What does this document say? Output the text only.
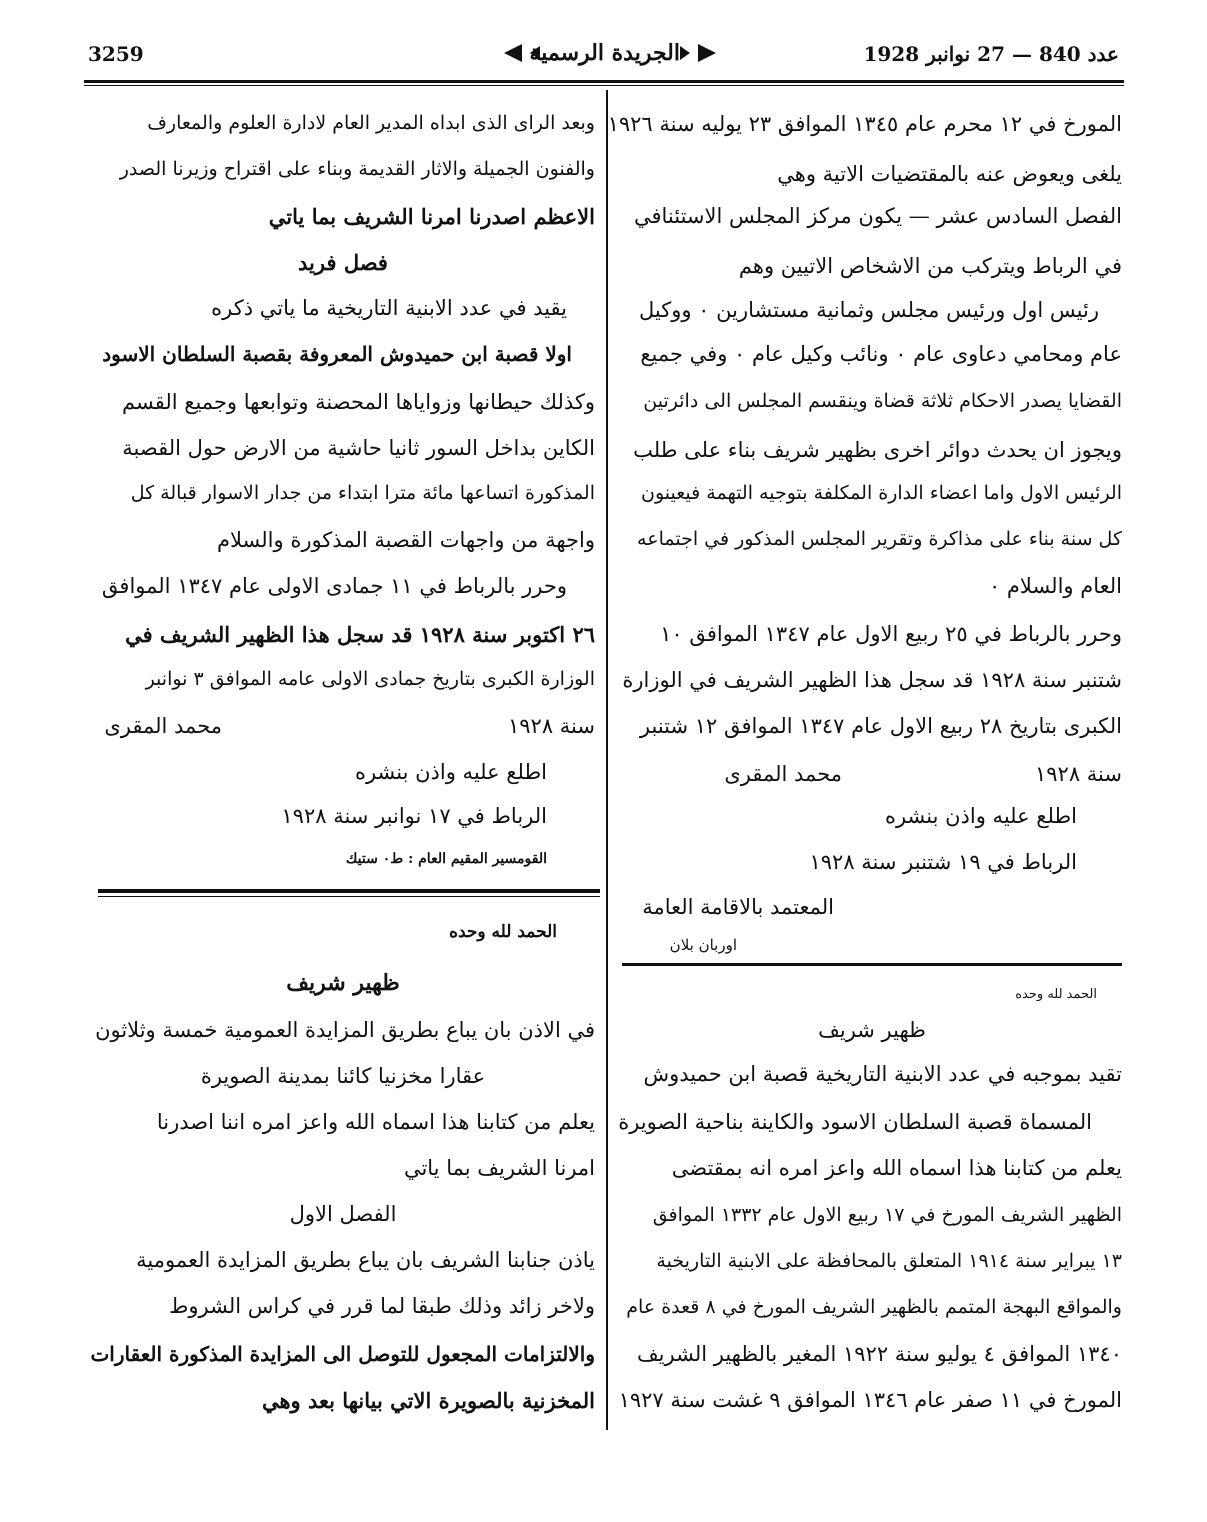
3259	الجريدة الرسمية	عدد 840 — 27 نوانبر 1928
المورخ في ١٢ محرم عام ١٣٤٥ الموافق ٢٣ يوليه سنة ١٩٢٦
يلغى ويعوض عنه بالمقتضيات الاتية وهي
الفصل السادس عشر — يكون مركز المجلس الاستئنافي
في الرباط ويتركب من الاشخاص الاتيين وهم
رئيس اول ورئيس مجلس وثمانية مستشارين ٠ ووكيل
عام ومحامي دعاوى عام ٠ ونائب وكيل عام ٠ وفي جميع
القضايا يصدر الاحكام ثلاثة قضاة وينقسم المجلس الى دائرتين
ويجوز ان يحدث دوائر اخرى بظهير شريف بناء على طلب
الرئيس الاول واما اعضاء الدارة المكلفة بتوجيه التهمة فيعينون
كل سنة بناء على مذاكرة وتقرير المجلس المذكور في اجتماعه
العام والسلام ٠
وحرر بالرباط في ٢٥ ربيع الاول عام ١٣٤٧ الموافق ١٠
شتنبر سنة ١٩٢٨ قد سجل هذا الظهير الشريف في الوزارة
الكبرى بتاريخ ٢٨ ربيع الاول عام ١٣٤٧ الموافق ١٢ شتنبر
سنة ١٩٢٨
محمد المقرى
اطلع عليه واذن بنشره
الرباط في ١٩ شتنبر سنة ١٩٢٨
المعتمد بالاقامة العامة
اوربان بلان
الحمد لله وحده
ظهير شريف
تقيد بموجبه في عدد الابنية التاريخية قصبة ابن حميدوش
المسماة قصبة السلطان الاسود والكاينة بناحية الصويرة
يعلم من كتابنا هذا اسماه الله واعز امره انه بمقتضى
الظهير الشريف المورخ في ١٧ ربيع الاول عام ١٣٣٢ الموافق
١٣ يبراير سنة ١٩١٤ المتعلق بالمحافظة على الابنية التاريخية
والمواقع البهجة المتمم بالظهير الشريف المورخ في ٨ قعدة عام
١٣٤٠ الموافق ٤ يوليو سنة ١٩٢٢ المغير بالظهير الشريف
المورخ في ١١ صفر عام ١٣٤٦ الموافق ٩ غشت سنة ١٩٢٧
وبعد الراى الذى ابداه المدير العام لادارة العلوم والمعارف
والفنون الجميلة والاثار القديمة وبناء على اقتراح وزيرنا الصدر
الاعظم اصدرنا امرنا الشريف بما ياتي
فصل فريد
يقيد في عدد الابنية التاريخية ما ياتي ذكره
اولا قصبة ابن حميدوش المعروفة بقصبة السلطان الاسود
وكذلك حيطانها وزواياها المحصنة وتوابعها وجميع القسم
الكاين بداخل السور ثانيا حاشية من الارض حول القصبة
المذكورة اتساعها مائة مترا ابتداء من جدار الاسوار قبالة كل
واجهة من واجهات القصبة المذكورة والسلام
وحرر بالرباط في ١١ جمادى الاولى عام ١٣٤٧ الموافق
٢٦ اكتوبر سنة ١٩٢٨ قد سجل هذا الظهير الشريف في
الوزارة الكبرى بتاريخ جمادى الاولى عامه الموافق ٣ نوانبر
سنة ١٩٢٨
محمد المقرى
اطلع عليه واذن بنشره
الرباط في ١٧ نوانبر سنة ١٩٢٨
القومسير المقيم العام : ط٠ ستيك
الحمد لله وحده
ظهير شريف
في الاذن بان يباع بطريق المزايدة العمومية خمسة وثلاثون
عقارا مخزنيا كائنا بمدينة الصويرة
يعلم من كتابنا هذا اسماه الله واعز امره اننا اصدرنا
امرنا الشريف بما ياتي
الفصل الاول
ياذن جنابنا الشريف بان يباع بطريق المزايدة العمومية
ولاخر زائد وذلك طبقا لما قرر في كراس الشروط
والالتزامات المجعول للتوصل الى المزايدة المذكورة العقارات
المخزنية بالصويرة الاتي بيانها بعد وهي
